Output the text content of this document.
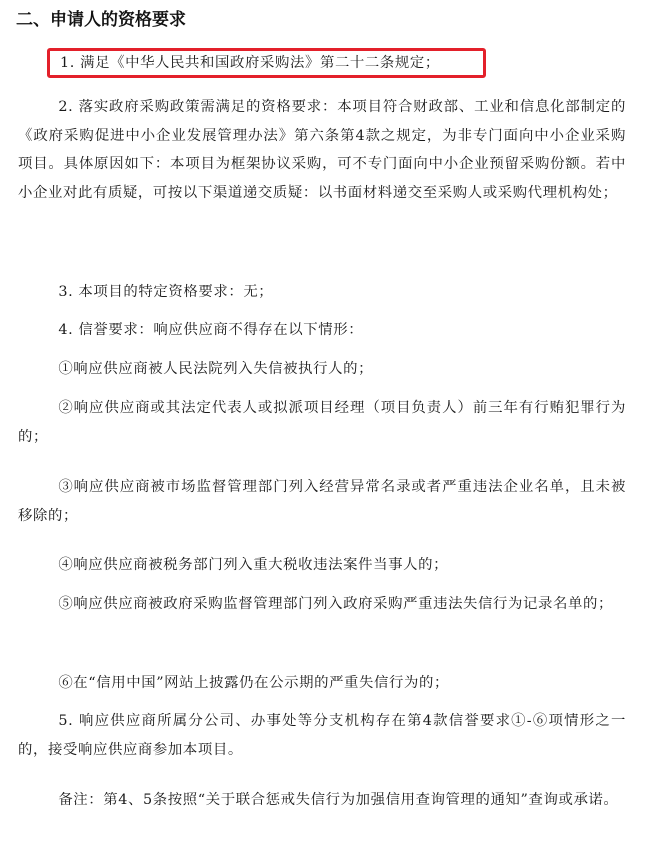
二、申请人的资格要求
1. 满足《中华人民共和国政府采购法》第二十二条规定；

2. 落实政府采购政策需满足的资格要求：本项目符合财政部、工业和信息化部制定的《政府采购促进中小企业发展管理办法》第六条第4款之规定，为非专门面向中小企业采购项目。具体原因如下：本项目为框架协议采购，可不专门面向中小企业预留采购份额。若中小企业对此有质疑，可按以下渠道递交质疑：以书面材料递交至采购人或采购代理机构处；

3. 本项目的特定资格要求：无；

4. 信誉要求：响应供应商不得存在以下情形：

①响应供应商被人民法院列入失信被执行人的；

②响应供应商或其法定代表人或拟派项目经理（项目负责人）前三年有行贿犯罪行为的；

③响应供应商被市场监督管理部门列入经营异常名录或者严重违法企业名单，且未被移除的；

④响应供应商被税务部门列入重大税收违法案件当事人的；

⑤响应供应商被政府采购监督管理部门列入政府采购严重违法失信行为记录名单的；

⑥在“信用中国”网站上披露仍在公示期的严重失信行为的；

5. 响应供应商所属分公司、办事处等分支机构存在第4款信誉要求①-⑥项情形之一的，接受响应供应商参加本项目。

备注：第4、5条按照“关于联合惩戒失信行为加强信用查询管理的通知”查询或承诺。
